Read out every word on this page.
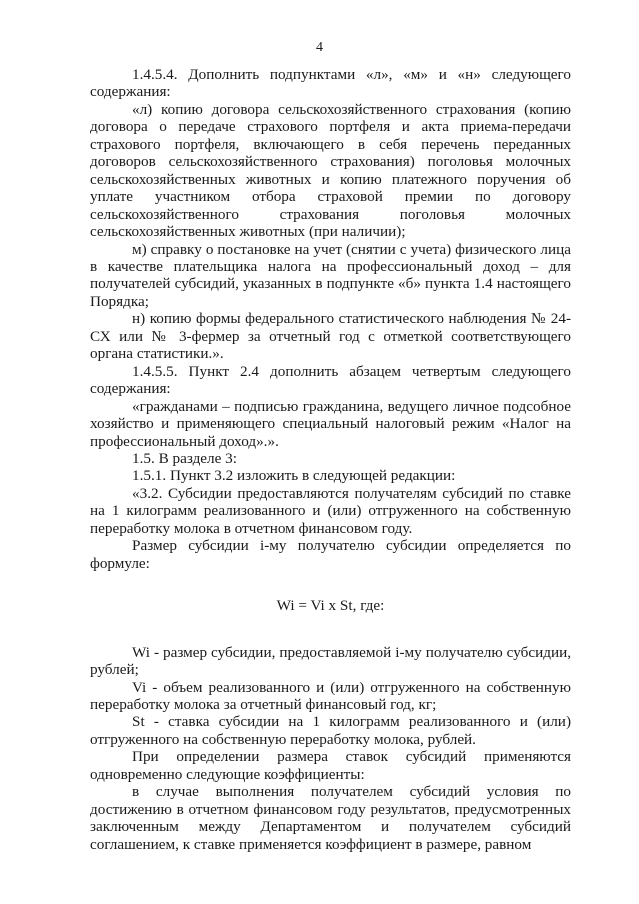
4

1.4.5.4. Дополнить подпунктами «л», «м» и «н» следующего содержания:

«л) копию договора сельскохозяйственного страхования (копию договора о передаче страхового портфеля и акта приема-передачи страхового портфеля, включающего в себя перечень переданных договоров сельскохозяйственного страхования) поголовья молочных сельскохозяйственных животных и копию платежного поручения об уплате участником отбора страховой премии по договору сельскохозяйственного страхования поголовья молочных сельскохозяйственных животных (при наличии);

м) справку о постановке на учет (снятии с учета) физического лица в качестве плательщика налога на профессиональный доход – для получателей субсидий, указанных в подпункте «б» пункта 1.4 настоящего Порядка;

н) копию формы федерального статистического наблюдения № 24-СХ или № 3-фермер за отчетный год с отметкой соответствующего органа статистики.».

1.4.5.5. Пункт 2.4 дополнить абзацем четвертым следующего содержания:

«гражданами – подписью гражданина, ведущего личное подсобное хозяйство и применяющего специальный налоговый режим «Налог на профессиональный доход».».

1.5. В разделе 3:

1.5.1. Пункт 3.2 изложить в следующей редакции:

«3.2. Субсидии предоставляются получателям субсидий по ставке на 1 килограмм реализованного и (или) отгруженного на собственную переработку молока в отчетном финансовом году.

Размер субсидии i-му получателю субсидии определяется по формуле:

Wi = Vi x St, где:

Wi - размер субсидии, предоставляемой i-му получателю субсидии, рублей;

Vi - объем реализованного и (или) отгруженного на собственную переработку молока за отчетный финансовый год, кг;

St - ставка субсидии на 1 килограмм реализованного и (или) отгруженного на собственную переработку молока, рублей.

При определении размера ставок субсидий применяются одновременно следующие коэффициенты:

в случае выполнения получателем субсидий условия по достижению в отчетном финансовом году результатов, предусмотренных заключенным между Департаментом и получателем субсидий соглашением, к ставке применяется коэффициент в размере, равном
